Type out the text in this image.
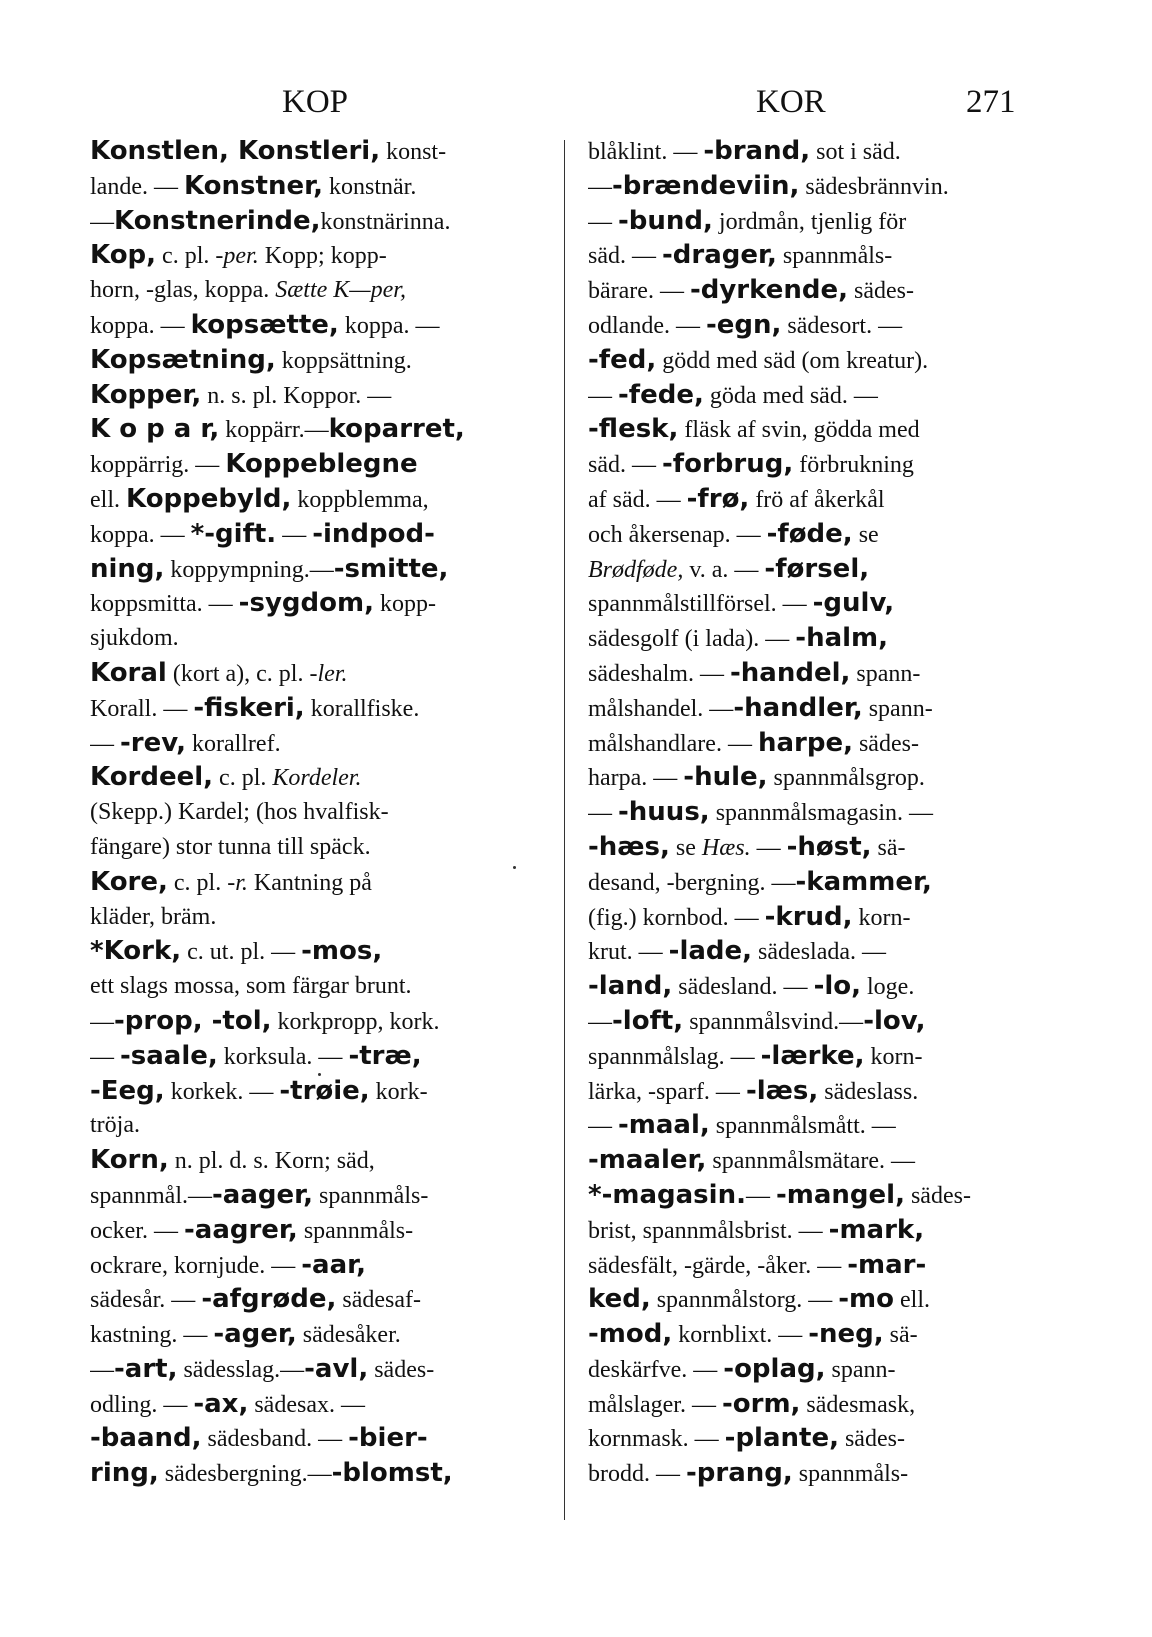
KOP	KOR	271
Konstlen, Konstleri, konst-
lande. — Konstner, konstnär.
—Konstnerinde,konstnärinna.
Kop, c. pl. -per. Kopp; kopp-
horn, -glas, koppa. Sætte K—per,
koppa. — kopsætte, koppa. —
Kopsætning, koppsättning.
Kopper, n. s. pl. Koppor. —
K o p a r, koppärr.—koparret,
koppärrig. — Koppeblegne
ell. Koppebyld, koppblemma,
koppa. — *-gift. — -indpod-
ning, koppympning.—-smitte,
koppsmitta. — -sygdom, kopp-
sjukdom.
Koral (kort a), c. pl. -ler.
Korall. — -fiskeri, korallfiske.
— -rev, korallref.
Kordeel, c. pl. Kordeler.
(Skepp.) Kardel; (hos hvalfisk-
fängare) stor tunna till späck.
Kore, c. pl. -r. Kantning på
kläder, bräm.
*Kork, c. ut. pl. — -mos,
ett slags mossa, som färgar brunt.
—-prop, -tol, korkpropp, kork.
— -saale, korksula. — -træ,
-Eeg, korkek. — -trøie, kork-
tröja.
Korn, n. pl. d. s. Korn; säd,
spannmål.—-aager, spannmåls-
ocker. — -aagrer, spannmåls-
ockrare, kornjude. — -aar,
sädesår. — -afgrøde, sädesaf-
kastning. — -ager, sädesåker.
—-art, sädesslag.—-avl, sädes-
odling. — -ax, sädesax. —
-baand, sädesband. — -bier-
ring, sädesbergning.—-blomst,
blåklint. — -brand, sot i säd.
—-brændeviin, sädesbrännvin.
— -bund, jordmån, tjenlig för
säd. — -drager, spannmåls-
bärare. — -dyrkende, sädes-
odlande. — -egn, sädesort. —
-fed, gödd med säd (om kreatur).
— -fede, göda med säd. —
-flesk, fläsk af svin, gödda med
säd. — -forbrug, förbrukning
af säd. — -frø, frö af åkerkål
och åkersenap. — -føde, se
Brødføde, v. a. — -førsel,
spannmålstillförsel. — -gulv,
sädesgolf (i lada). — -halm,
sädeshalm. — -handel, spann-
målshandel. —-handler, spann-
målshandlare. — harpe, sädes-
harpa. — -hule, spannmålsgrop.
— -huus, spannmålsmagasin. —
-hæs, se Hæs. — -høst, sä-
desand, -bergning. —-kammer,
(fig.) kornbod. — -krud, korn-
krut. — -lade, sädeslada. —
-land, sädesland. — -lo, loge.
—-loft, spannmålsvind.—-lov,
spannmålslag. — -lærke, korn-
lärka, -sparf. — -læs, sädeslass.
— -maal, spannmålsmått. —
-maaler, spannmålsmätare. —
*-magasin.— -mangel, sädes-
brist, spannmålsbrist. — -mark,
sädesfält, -gärde, -åker. — -mar-
ked, spannmålstorg. — -mo ell.
-mod, kornblixt. — -neg, sä-
deskärfve. — -oplag, spann-
målslager. — -orm, sädesmask,
kornmask. — -plante, sädes-
brodd. — -prang, spannmåls-
